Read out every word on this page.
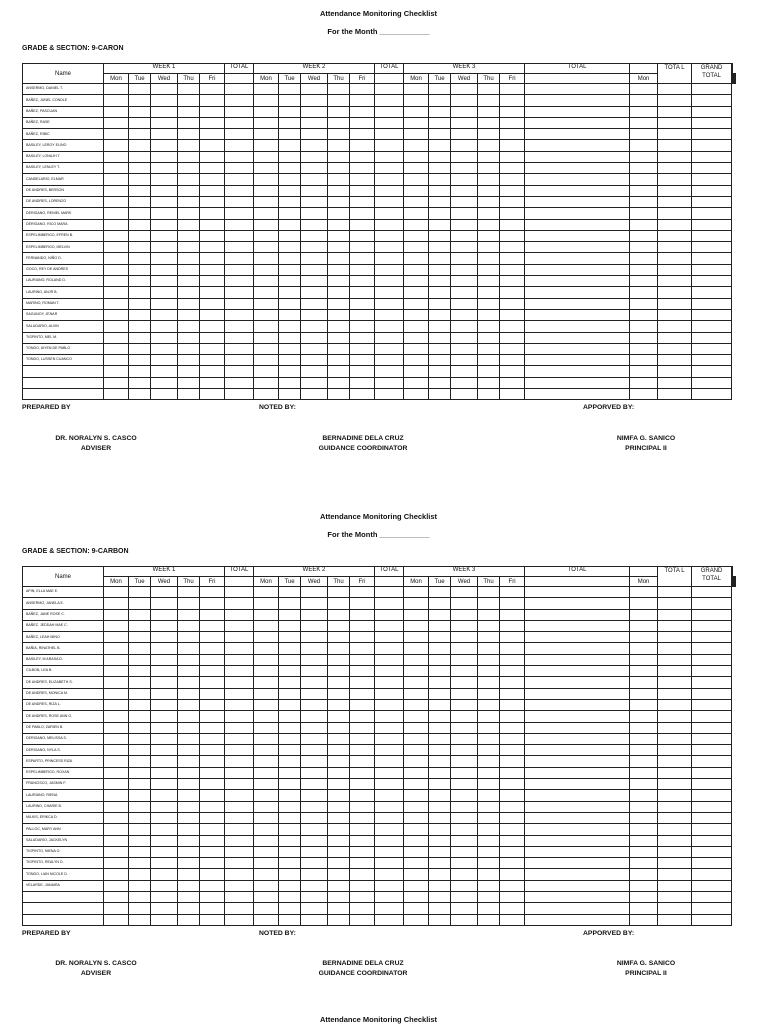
Attendance Monitoring Checklist
For the Month ____________
GRADE & SECTION: 9-CARON
Name	WEEK 1					TOTAL	WEEK 2					TOTAL	WEEK 3					TOTAL		TOTA L	GRAND TOTAL	
	Mon	Tue	Wed	Thu	Fri		Mon	Tue	Wed	Thu	Fri		Mon	Tue	Wed	Thu	Fri		Mon				
ANSERMO, DANIEL T.																							
BAÑEZ, JUNEL CONDLE																							
BAÑEZ, PASCUAN																							
BAÑEZ, RASE																							
BAÑEZ, RIBIC																							
BASILEY, LEROY ELINO																							
BASILEY, LONAJH T.																							
BASILEY, LENLEY T.																							
CANDELARIO, ELMAR																							
DE ANDRES, BERSON																							
DE ANDRES, LORENZO																							
DERIGANO, RENIEL MARK																							
DERIGANO, RICO MARA																							
ESPELIMBERGO, EFREN B.																							
ESPELIMBERGO, MELVIN																							
FERNANDO, NIÑO D.																							
GOCO, REY DE ANDRES																							
LAURIANO, ROLAND D.																							
LAURINO, ANJR B.																							
MARINO, ROMAN T.																							
SAGUNOY, JENAR																							
SALUDARIO, ALVIN																							
TIGPINTO, MEL M.																							
TONDO, AIYEN DE PABLO																							
TONDO, LUSSEN CUANCO																							

PREPARED BY	NOTED BY:	APPORVED BY:
DR. NORALYN S. CASCO
ADVISER
BERNADINE DELA CRUZ
GUIDANCE COORDINATOR
NIMFA G. SANICO
PRINCIPAL II
Attendance Monitoring Checklist
For the Month ____________
GRADE & SECTION: 9-CARBON
Name	WEEK 1					TOTAL	WEEK 2					TOTAL	WEEK 3					TOTAL		TOTA L	GRAND TOTAL	
	Mon	Tue	Wed	Thu	Fri		Mon	Tue	Wed	Thu	Fri		Mon	Tue	Wed	Thu	Fri		Mon				
APIN, ELLA MAE E.																							
ANSERMO, JANELA E.																							
BAÑEZ, JANE ROSE C.																							
BAÑEZ, JEDDAH MAE C.																							
BAÑEZ, LEAH MINO																							
BAÑIA, RINATHEL B.																							
BASILEY, M ARASA D.																							
CILBON, LEA B.																							
DE ANDRES, ELIZABETH S.																							
DE ANDRES, MONICA M.																							
DE ANDRES, RIZA L.																							
DE ANDRES, ROSE ANN G.																							
DE PABLO, ZARIEN B.																							
DERIGANO, MELISSA S.																							
DERIGANO, NYLA S.																							
ESPARTO, PRINCESS RIZA																							
ESPELIMBERGO, ROXAN																							
FRANCISCO, JASMIN F.																							
LAURIANO, RIENA																							
LAURINO, CHARIE B.																							
MILKIS, ERIKCA D.																							
PALLOC, MARY ANN																							
SALUDARIO, JACKELYN																							
TIGPINTO, NIENA O.																							
TIGPINTO, REALYN D.																							
TONDO, LIAN NICOLE D.																							
VELARDE, JANAIRA																							

PREPARED BY	NOTED BY:	APPORVED BY:
DR. NORALYN S. CASCO
ADVISER
BERNADINE DELA CRUZ
GUIDANCE COORDINATOR
NIMFA G. SANICO
PRINCIPAL II
Attendance Monitoring Checklist
